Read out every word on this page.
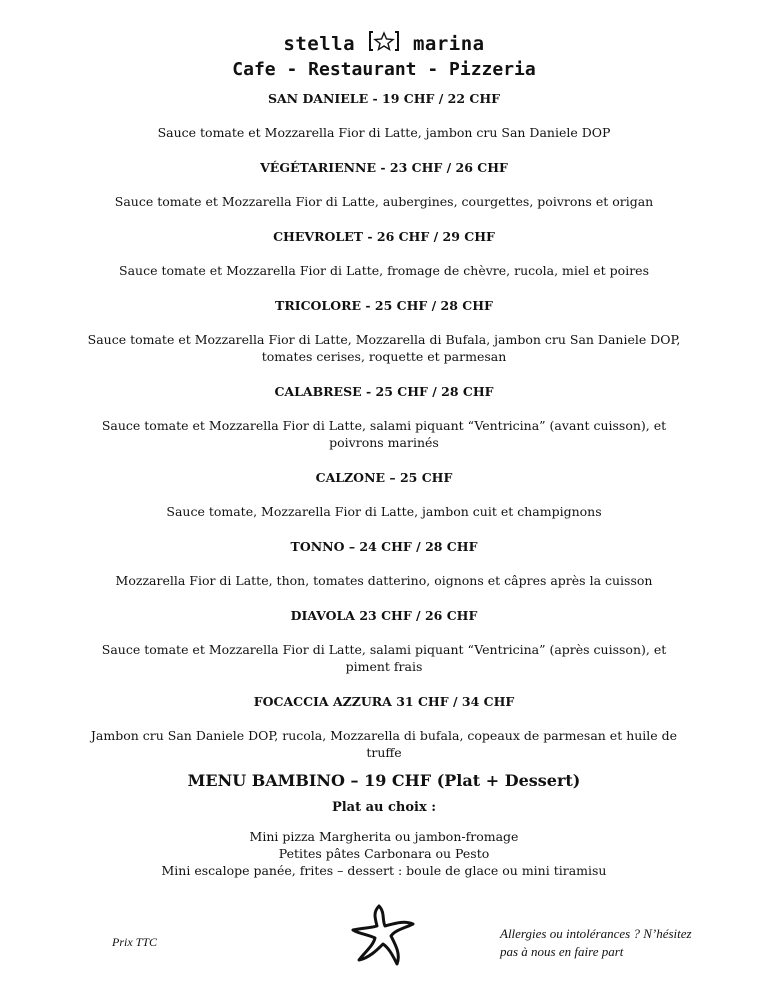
stella	marina
Cafe - Restaurant - Pizzeria
SAN DANIELE - 19 CHF / 22 CHF
Sauce tomate et Mozzarella Fior di Latte, jambon cru San Daniele DOP
VÉGÉTARIENNE - 23 CHF / 26 CHF
Sauce tomate et Mozzarella Fior di Latte, aubergines, courgettes, poivrons et origan
CHEVROLET - 26 CHF / 29 CHF
Sauce tomate et Mozzarella Fior di Latte, fromage de chèvre, rucola, miel et poires
TRICOLORE - 25 CHF / 28 CHF
Sauce tomate et Mozzarella Fior di Latte, Mozzarella di Bufala, jambon cru San Daniele DOP,
tomates cerises, roquette et parmesan
CALABRESE - 25 CHF / 28 CHF
Sauce tomate et Mozzarella Fior di Latte, salami piquant “Ventricina” (avant cuisson), et
poivrons marinés
CALZONE – 25 CHF
Sauce tomate, Mozzarella Fior di Latte, jambon cuit et champignons
TONNO – 24 CHF / 28 CHF
Mozzarella Fior di Latte, thon, tomates datterino, oignons et câpres après la cuisson
DIAVOLA 23 CHF / 26 CHF
Sauce tomate et Mozzarella Fior di Latte, salami piquant “Ventricina” (après cuisson), et
piment frais
FOCACCIA AZZURA 31 CHF / 34 CHF
Jambon cru San Daniele DOP, rucola, Mozzarella di bufala, copeaux de parmesan et huile de
truffe
MENU BAMBINO – 19 CHF (Plat + Dessert)
Plat au choix :
Mini pizza Margherita ou jambon-fromage
Petites pâtes Carbonara ou Pesto
Mini escalope panée, frites – dessert : boule de glace ou mini tiramisu
Prix TTC
Allergies ou intolérances ? N’hésitez
pas à nous en faire part
